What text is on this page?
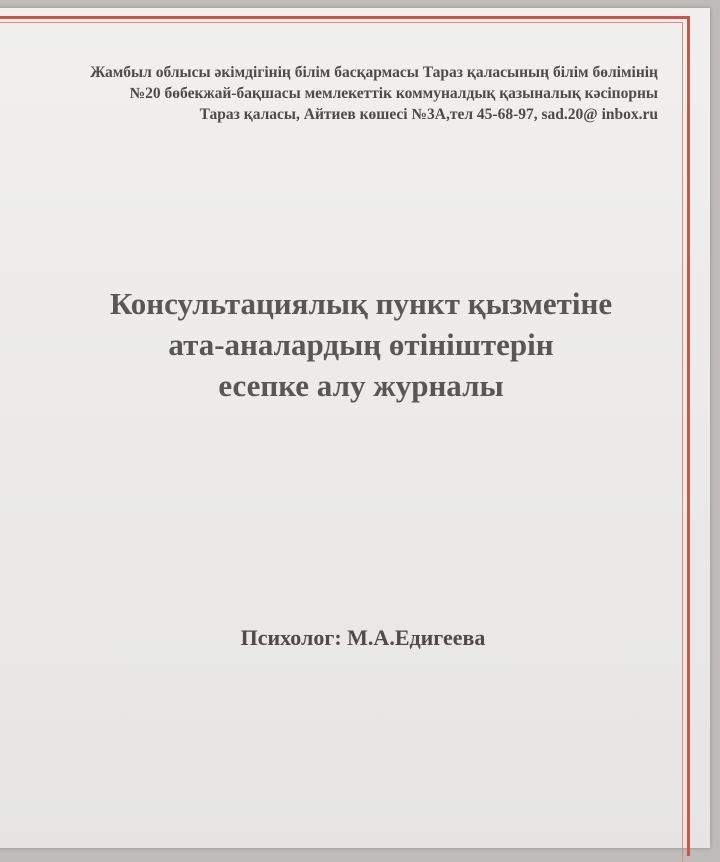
Жамбыл облысы әкімдігінің білім басқармасы Тараз қаласының білім бөлімінің
№20 бөбекжай-бақшасы мемлекеттік коммуналдық қазыналық кәсіпорны
Тараз қаласы, Айтиев көшесі №3А,тел 45-68-97, sad.20@ inbox.ru
Консультациялық пункт қызметіне
ата-аналардың өтініштерін
есепке алу журналы
Психолог: М.А.Едигеева
